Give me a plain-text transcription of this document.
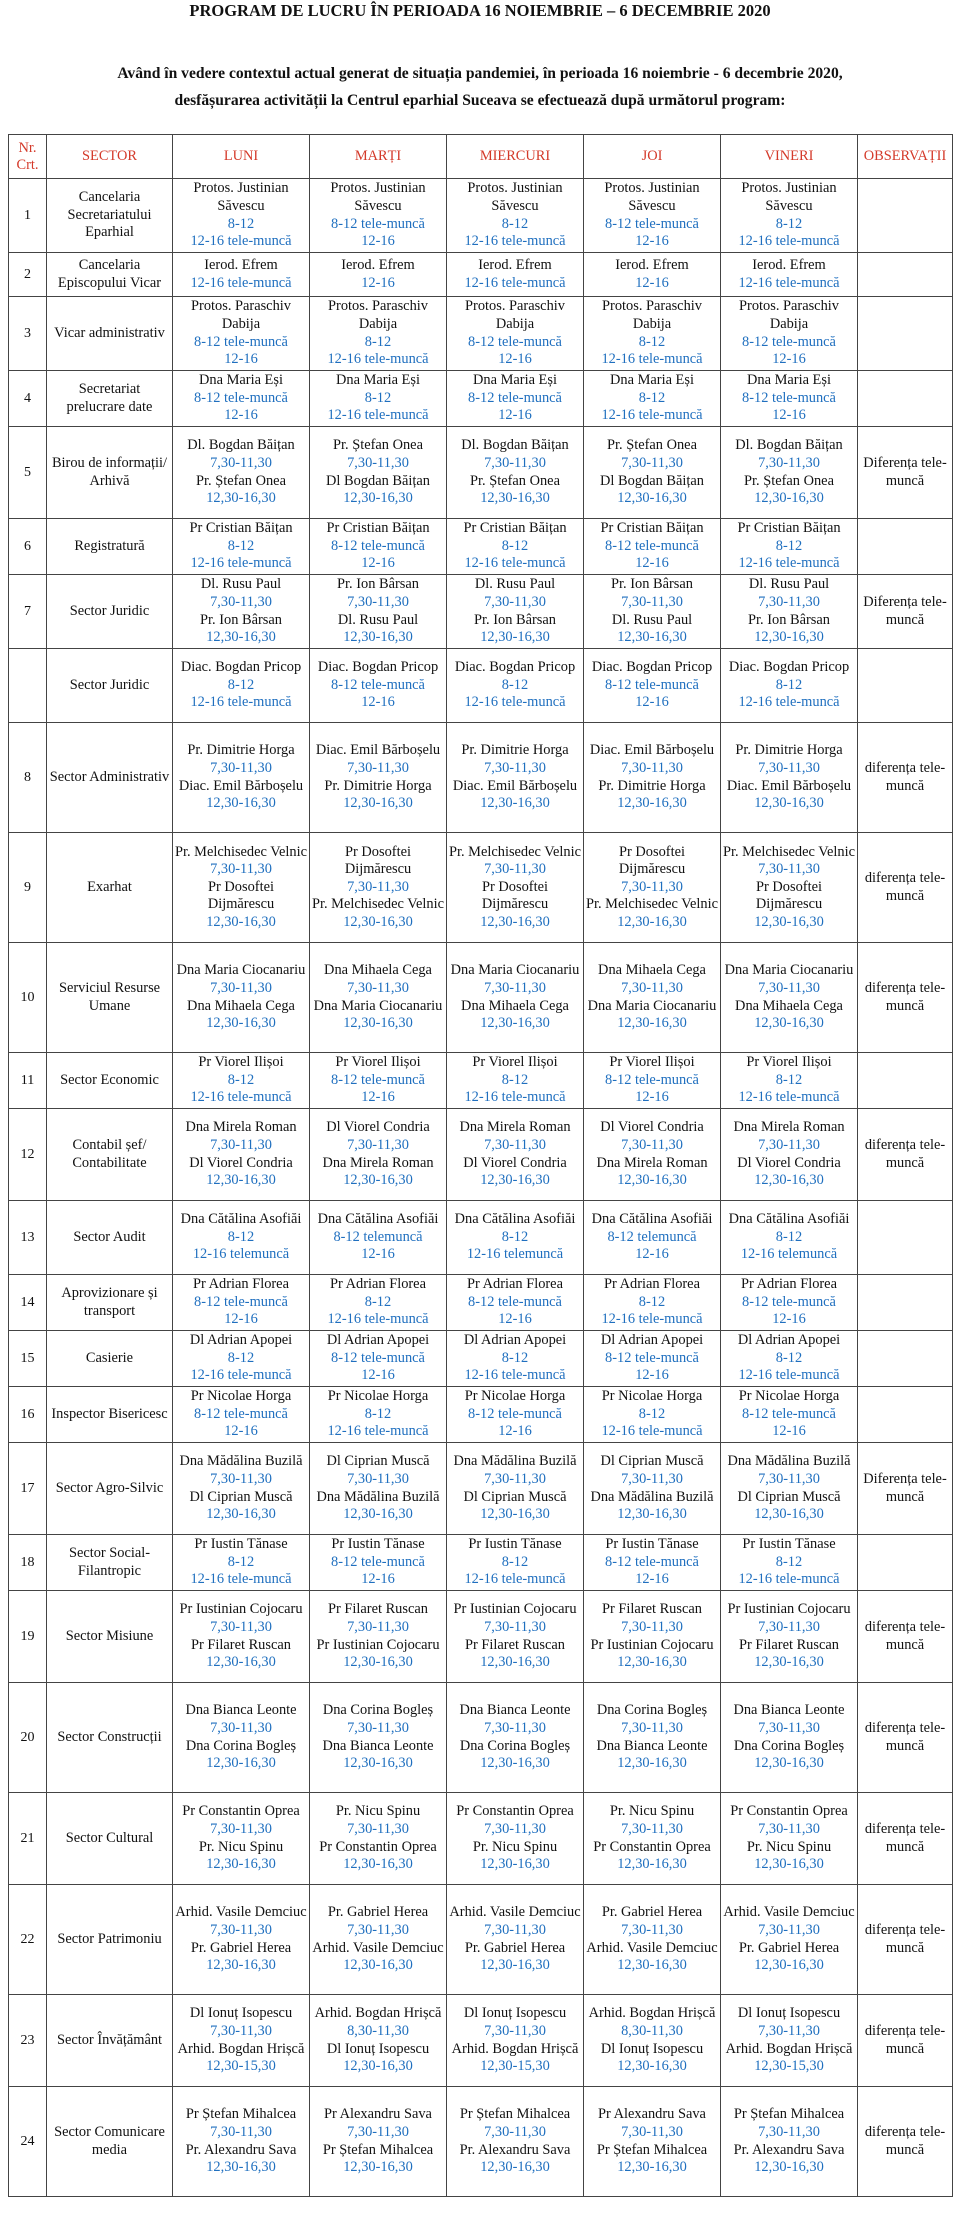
PROGRAM DE LUCRU ÎN PERIOADA 16 NOIEMBRIE – 6 DECEMBRIE 2020
Având în vedere contextul actual generat de situația pandemiei, în perioada 16 noiembrie - 6 decembrie 2020,
desfășurarea activității la Centrul eparhial Suceava se efectuează după următorul program:
Nr. Crt.	SECTOR	LUNI	MARȚI	MIERCURI	JOI	VINERI	OBSERVAȚII
1	Cancelaria Secretariatului Eparhial	Protos. Justinian Săvescu
8-12
12-16 tele-muncă	Protos. Justinian Săvescu
8-12 tele-muncă
12-16	Protos. Justinian Săvescu
8-12
12-16 tele-muncă	Protos. Justinian Săvescu
8-12 tele-muncă
12-16	Protos. Justinian Săvescu
8-12
12-16 tele-muncă	

2	Cancelaria Episcopului Vicar	Ierod. Efrem
12-16 tele-muncă	Ierod. Efrem
12-16	Ierod. Efrem
12-16 tele-muncă	Ierod. Efrem
12-16	Ierod. Efrem
12-16 tele-muncă	

3	Vicar administrativ	Protos. Paraschiv Dabija
8-12 tele-muncă
12-16	Protos. Paraschiv Dabija
8-12
12-16 tele-muncă	Protos. Paraschiv Dabija
8-12 tele-muncă
12-16	Protos. Paraschiv Dabija
8-12
12-16 tele-muncă	Protos. Paraschiv Dabija
8-12 tele-muncă
12-16	

4	Secretariat prelucrare date	Dna Maria Eși
8-12 tele-muncă
12-16	Dna Maria Eși
8-12
12-16 tele-muncă	Dna Maria Eși
8-12 tele-muncă
12-16	Dna Maria Eși
8-12
12-16 tele-muncă	Dna Maria Eși
8-12 tele-muncă
12-16	

5	Birou de informații/ Arhivă	Dl. Bogdan Băițan
7,30-11,30
Pr. Ștefan Onea
12,30-16,30	Pr. Ștefan Onea
7,30-11,30
Dl Bogdan Băițan
12,30-16,30	Dl. Bogdan Băițan
7,30-11,30
Pr. Ștefan Onea
12,30-16,30	Pr. Ștefan Onea
7,30-11,30
Dl Bogdan Băițan
12,30-16,30	Dl. Bogdan Băițan
7,30-11,30
Pr. Ștefan Onea
12,30-16,30	Diferența tele-muncă
6	Registratură	Pr Cristian Băițan
8-12
12-16 tele-muncă	Pr Cristian Băițan
8-12 tele-muncă
12-16	Pr Cristian Băițan
8-12
12-16 tele-muncă	Pr Cristian Băițan
8-12 tele-muncă
12-16	Pr Cristian Băițan
8-12
12-16 tele-muncă	

7	Sector Juridic	Dl. Rusu Paul
7,30-11,30
Pr. Ion Bârsan
12,30-16,30	Pr. Ion Bârsan
7,30-11,30
Dl. Rusu Paul
12,30-16,30	Dl. Rusu Paul
7,30-11,30
Pr. Ion Bârsan
12,30-16,30	Pr. Ion Bârsan
7,30-11,30
Dl. Rusu Paul
12,30-16,30	Dl. Rusu Paul
7,30-11,30
Pr. Ion Bârsan
12,30-16,30	Diferența tele-muncă
	Sector Juridic	Diac. Bogdan Pricop
8-12
12-16 tele-muncă	Diac. Bogdan Pricop
8-12 tele-muncă
12-16	Diac. Bogdan Pricop
8-12
12-16 tele-muncă	Diac. Bogdan Pricop
8-12 tele-muncă
12-16	Diac. Bogdan Pricop
8-12
12-16 tele-muncă	

8	Sector Administrativ	Pr. Dimitrie Horga
7,30-11,30
Diac. Emil Bărboșelu
12,30-16,30	Diac. Emil Bărboșelu
7,30-11,30
Pr. Dimitrie Horga
12,30-16,30	Pr. Dimitrie Horga
7,30-11,30
Diac. Emil Bărboșelu
12,30-16,30	Diac. Emil Bărboșelu
7,30-11,30
Pr. Dimitrie Horga
12,30-16,30	Pr. Dimitrie Horga
7,30-11,30
Diac. Emil Bărboșelu
12,30-16,30	diferența tele-muncă
9	Exarhat	Pr. Melchisedec Velnic
7,30-11,30
Pr Dosoftei Dijmărescu
12,30-16,30	Pr Dosoftei Dijmărescu
7,30-11,30
Pr. Melchisedec Velnic
12,30-16,30	Pr. Melchisedec Velnic
7,30-11,30
Pr Dosoftei Dijmărescu
12,30-16,30	Pr Dosoftei Dijmărescu
7,30-11,30
Pr. Melchisedec Velnic
12,30-16,30	Pr. Melchisedec Velnic
7,30-11,30
Pr Dosoftei Dijmărescu
12,30-16,30	diferența tele-muncă
10	Serviciul Resurse Umane	Dna Maria Ciocanariu
7,30-11,30
Dna Mihaela Cega
12,30-16,30	Dna Mihaela Cega
7,30-11,30
Dna Maria Ciocanariu
12,30-16,30	Dna Maria Ciocanariu
7,30-11,30
Dna Mihaela Cega
12,30-16,30	Dna Mihaela Cega
7,30-11,30
Dna Maria Ciocanariu
12,30-16,30	Dna Maria Ciocanariu
7,30-11,30
Dna Mihaela Cega
12,30-16,30	diferența tele-muncă
11	Sector Economic	Pr Viorel Ilișoi
8-12
12-16 tele-muncă	Pr Viorel Ilișoi
8-12 tele-muncă
12-16	Pr Viorel Ilișoi
8-12
12-16 tele-muncă	Pr Viorel Ilișoi
8-12 tele-muncă
12-16	Pr Viorel Ilișoi
8-12
12-16 tele-muncă	

12	Contabil șef/ Contabilitate	Dna Mirela Roman
7,30-11,30
Dl Viorel Condria
12,30-16,30	Dl Viorel Condria
7,30-11,30
Dna Mirela Roman
12,30-16,30	Dna Mirela Roman
7,30-11,30
Dl Viorel Condria
12,30-16,30	Dl Viorel Condria
7,30-11,30
Dna Mirela Roman
12,30-16,30	Dna Mirela Roman
7,30-11,30
Dl Viorel Condria
12,30-16,30	diferența tele-muncă
13	Sector Audit	Dna Cătălina Asofiăi
8-12
12-16 telemuncă	Dna Cătălina Asofiăi
8-12 telemuncă
12-16	Dna Cătălina Asofiăi
8-12
12-16 telemuncă	Dna Cătălina Asofiăi
8-12 telemuncă
12-16	Dna Cătălina Asofiăi
8-12
12-16 telemuncă	

14	Aprovizionare și transport	Pr Adrian Florea
8-12 tele-muncă
12-16	Pr Adrian Florea
8-12
12-16 tele-muncă	Pr Adrian Florea
8-12 tele-muncă
12-16	Pr Adrian Florea
8-12
12-16 tele-muncă	Pr Adrian Florea
8-12 tele-muncă
12-16	

15	Casierie	Dl Adrian Apopei
8-12
12-16 tele-muncă	Dl Adrian Apopei
8-12 tele-muncă
12-16	Dl Adrian Apopei
8-12
12-16 tele-muncă	Dl Adrian Apopei
8-12 tele-muncă
12-16	Dl Adrian Apopei
8-12
12-16 tele-muncă	

16	Inspector Bisericesc	Pr Nicolae Horga
8-12 tele-muncă
12-16	Pr Nicolae Horga
8-12
12-16 tele-muncă	Pr Nicolae Horga
8-12 tele-muncă
12-16	Pr Nicolae Horga
8-12
12-16 tele-muncă	Pr Nicolae Horga
8-12 tele-muncă
12-16	

17	Sector Agro-Silvic	Dna Mădălina Buzilă
7,30-11,30
Dl Ciprian Muscă
12,30-16,30	Dl Ciprian Muscă
7,30-11,30
Dna Mădălina Buzilă
12,30-16,30	Dna Mădălina Buzilă
7,30-11,30
Dl Ciprian Muscă
12,30-16,30	Dl Ciprian Muscă
7,30-11,30
Dna Mădălina Buzilă
12,30-16,30	Dna Mădălina Buzilă
7,30-11,30
Dl Ciprian Muscă
12,30-16,30	Diferența tele-muncă
18	Sector Social-Filantropic	Pr Iustin Tănase
8-12
12-16 tele-muncă	Pr Iustin Tănase
8-12 tele-muncă
12-16	Pr Iustin Tănase
8-12
12-16 tele-muncă	Pr Iustin Tănase
8-12 tele-muncă
12-16	Pr Iustin Tănase
8-12
12-16 tele-muncă	

19	Sector Misiune	Pr Iustinian Cojocaru
7,30-11,30
Pr Filaret Ruscan
12,30-16,30	Pr Filaret Ruscan
7,30-11,30
Pr Iustinian Cojocaru
12,30-16,30	Pr Iustinian Cojocaru
7,30-11,30
Pr Filaret Ruscan
12,30-16,30	Pr Filaret Ruscan
7,30-11,30
Pr Iustinian Cojocaru
12,30-16,30	Pr Iustinian Cojocaru
7,30-11,30
Pr Filaret Ruscan
12,30-16,30	diferența tele-muncă
20	Sector Construcții	Dna Bianca Leonte
7,30-11,30
Dna Corina Bogleș
12,30-16,30	Dna Corina Bogleș
7,30-11,30
Dna Bianca Leonte
12,30-16,30	Dna Bianca Leonte
7,30-11,30
Dna Corina Bogleș
12,30-16,30	Dna Corina Bogleș
7,30-11,30
Dna Bianca Leonte
12,30-16,30	Dna Bianca Leonte
7,30-11,30
Dna Corina Bogleș
12,30-16,30	diferența tele-muncă
21	Sector Cultural	Pr Constantin Oprea
7,30-11,30
Pr. Nicu Spinu
12,30-16,30	Pr. Nicu Spinu
7,30-11,30
Pr Constantin Oprea
12,30-16,30	Pr Constantin Oprea
7,30-11,30
Pr. Nicu Spinu
12,30-16,30	Pr. Nicu Spinu
7,30-11,30
Pr Constantin Oprea
12,30-16,30	Pr Constantin Oprea
7,30-11,30
Pr. Nicu Spinu
12,30-16,30	diferența tele-muncă
22	Sector Patrimoniu	Arhid. Vasile Demciuc
7,30-11,30
Pr. Gabriel Herea
12,30-16,30	Pr. Gabriel Herea
7,30-11,30
Arhid. Vasile Demciuc
12,30-16,30	Arhid. Vasile Demciuc
7,30-11,30
Pr. Gabriel Herea
12,30-16,30	Pr. Gabriel Herea
7,30-11,30
Arhid. Vasile Demciuc
12,30-16,30	Arhid. Vasile Demciuc
7,30-11,30
Pr. Gabriel Herea
12,30-16,30	diferența tele-muncă
23	Sector Învățământ	Dl Ionuț Isopescu
7,30-11,30
Arhid. Bogdan Hrișcă
12,30-15,30	Arhid. Bogdan Hrișcă
8,30-11,30
Dl Ionuț Isopescu
12,30-16,30	Dl Ionuț Isopescu
7,30-11,30
Arhid. Bogdan Hrișcă
12,30-15,30	Arhid. Bogdan Hrișcă
8,30-11,30
Dl Ionuț Isopescu
12,30-16,30	Dl Ionuț Isopescu
7,30-11,30
Arhid. Bogdan Hrișcă
12,30-15,30	diferența tele-muncă
24	Sector Comunicare media	Pr Ștefan Mihalcea
7,30-11,30
Pr. Alexandru Sava
12,30-16,30	Pr Alexandru Sava
7,30-11,30
Pr Ștefan Mihalcea
12,30-16,30	Pr Ștefan Mihalcea
7,30-11,30
Pr. Alexandru Sava
12,30-16,30	Pr Alexandru Sava
7,30-11,30
Pr Ștefan Mihalcea
12,30-16,30	Pr Ștefan Mihalcea
7,30-11,30
Pr. Alexandru Sava
12,30-16,30	diferența tele-muncă
